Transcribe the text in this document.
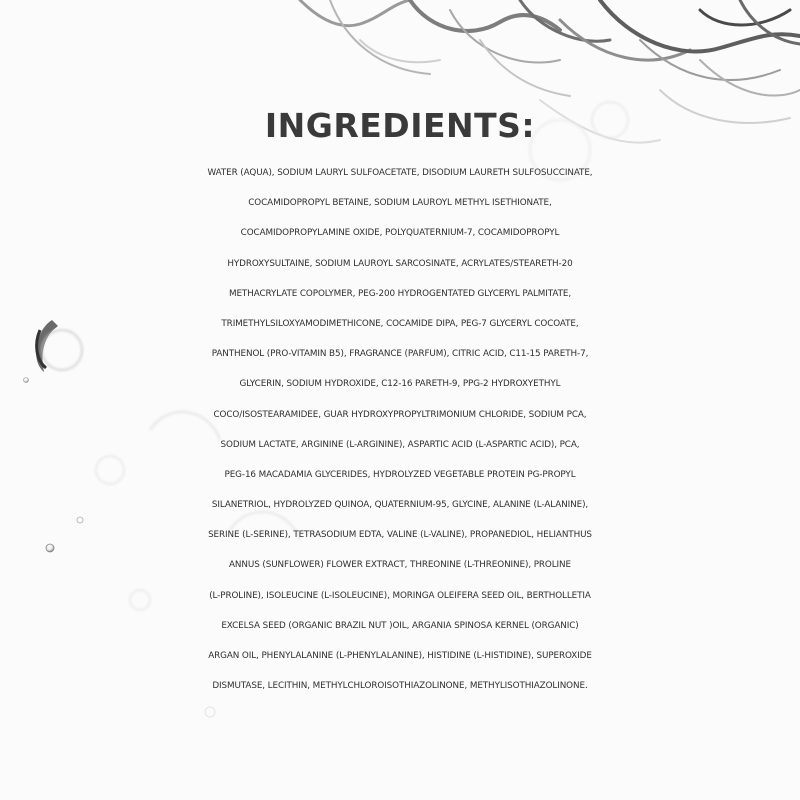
INGREDIENTS:
WATER (AQUA), SODIUM LAURYL SULFOACETATE, DISODIUM LAURETH SULFOSUCCINATE,
COCAMIDOPROPYL BETAINE, SODIUM LAUROYL METHYL ISETHIONATE,
COCAMIDOPROPYLAMINE OXIDE, POLYQUATERNIUM-7, COCAMIDOPROPYL
HYDROXYSULTAINE, SODIUM LAUROYL SARCOSINATE, ACRYLATES/STEARETH-20
METHACRYLATE COPOLYMER, PEG-200 HYDROGENTATED GLYCERYL PALMITATE,
TRIMETHYLSILOXYAMODIMETHICONE, COCAMIDE DIPA, PEG-7 GLYCERYL COCOATE,
PANTHENOL (PRO-VITAMIN B5), FRAGRANCE (PARFUM), CITRIC ACID, C11-15 PARETH-7,
GLYCERIN, SODIUM HYDROXIDE, C12-16 PARETH-9, PPG-2 HYDROXYETHYL
COCO/ISOSTEARAMIDEE, GUAR HYDROXYPROPYLTRIMONIUM CHLORIDE, SODIUM PCA,
SODIUM LACTATE, ARGININE (L-ARGININE), ASPARTIC ACID (L-ASPARTIC ACID), PCA,
PEG-16 MACADAMIA GLYCERIDES, HYDROLYZED VEGETABLE PROTEIN PG-PROPYL
SILANETRIOL, HYDROLYZED QUINOA, QUATERNIUM-95, GLYCINE, ALANINE (L-ALANINE),
SERINE (L-SERINE), TETRASODIUM EDTA, VALINE (L-VALINE), PROPANEDIOL, HELIANTHUS
ANNUS (SUNFLOWER) FLOWER EXTRACT, THREONINE (L-THREONINE), PROLINE
(L-PROLINE), ISOLEUCINE (L-ISOLEUCINE), MORINGA OLEIFERA SEED OIL, BERTHOLLETIA
EXCELSA SEED (ORGANIC BRAZIL NUT )OIL, ARGANIA SPINOSA KERNEL (ORGANIC)
ARGAN OIL, PHENYLALANINE (L-PHENYLALANINE), HISTIDINE (L-HISTIDINE), SUPEROXIDE
DISMUTASE, LECITHIN, METHYLCHLOROISOTHIAZOLINONE, METHYLISOTHIAZOLINONE.
